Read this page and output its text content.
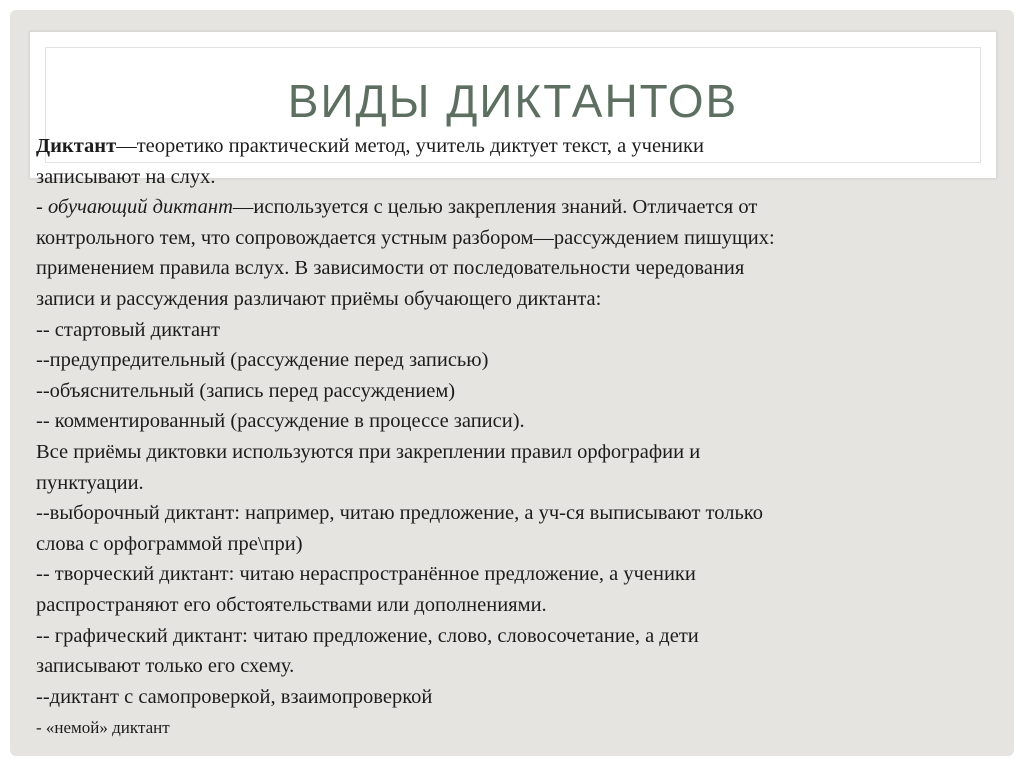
ВИДЫ ДИКТАНТОВ
Диктант—теоретико практический метод, учитель диктует текст, а ученики
записывают на слух.
- обучающий диктант—используется с целью закрепления знаний. Отличается от
контрольного тем, что сопровождается устным разбором—рассуждением пишущих:
применением правила вслух. В зависимости от последовательности чередования
записи и рассуждения различают приёмы обучающего диктанта:
-- стартовый диктант
--предупредительный (рассуждение перед записью)
--объяснительный (запись перед рассуждением)
-- комментированный (рассуждение в процессе записи).
Все приёмы диктовки используются при закреплении правил орфографии и
пунктуации.
--выборочный диктант: например, читаю предложение, а уч-ся выписывают только
слова с орфограммой пре\при)
-- творческий диктант: читаю нераспространённое предложение, а ученики
распространяют его обстоятельствами или дополнениями.
-- графический диктант: читаю предложение, слово, словосочетание, а дети
записывают только его схему.
--диктант с самопроверкой, взаимопроверкой
- «немой» диктант
